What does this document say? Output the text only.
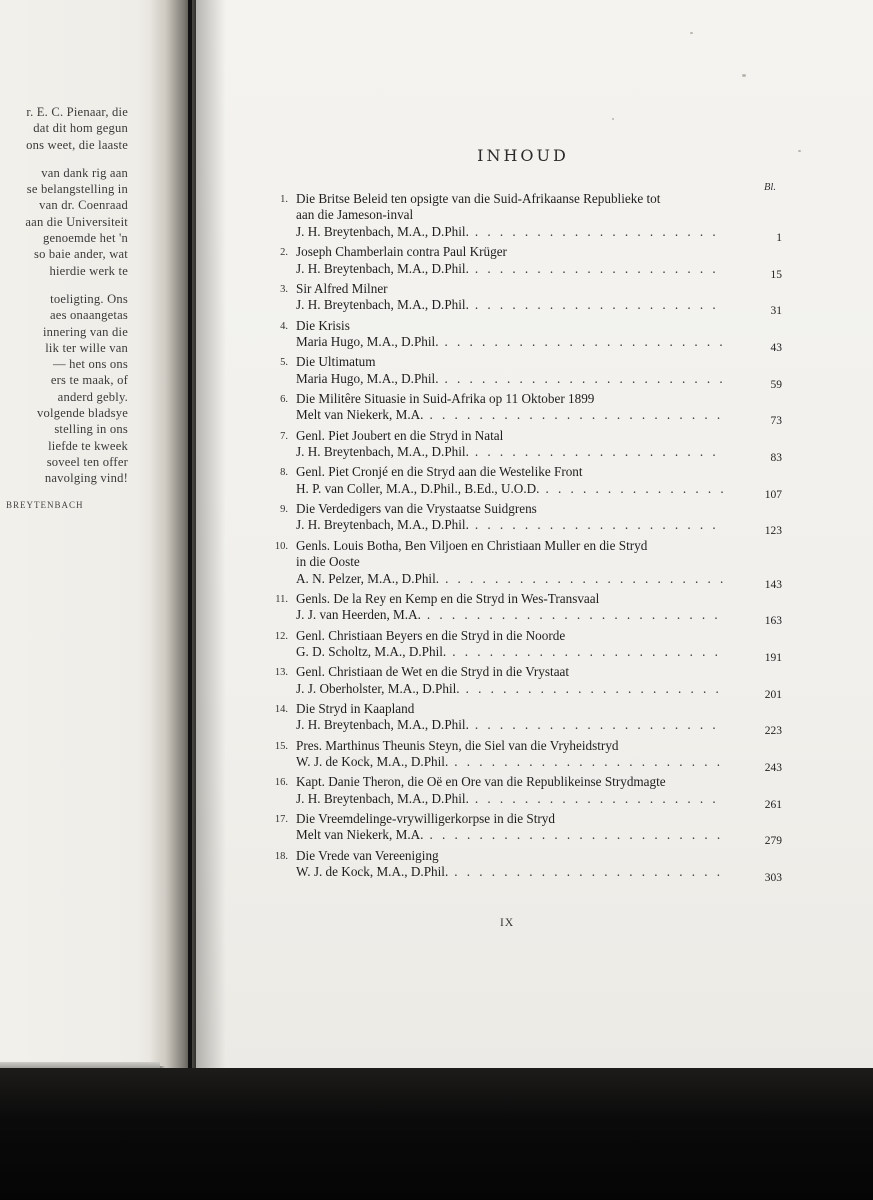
r. E. C. Pienaar, die
dat dit hom gegun
ons weet, die laaste
van dank rig aan
se belangstelling in
van dr. Coenraad
aan die Universiteit
genoemde het 'n
so baie ander, wat
hierdie werk te
toeligting. Ons
aes onaangetas
innering van die
lik ter wille van
— het ons ons
ers te maak, of
anderd gebly.
volgende bladsye
stelling in ons
liefde te kweek
soveel ten offer
navolging vind!
BREYTENBACH
INHOUD
Bl.
1. Die Britse Beleid ten opsigte van die Suid-Afrikaanse Republieke tot
aan die Jameson-inval
J. H. Breytenbach, M.A., D.Phil. ....................	1
2. Joseph Chamberlain contra Paul Krüger
J. H. Breytenbach, M.A., D.Phil. ....................	15
3. Sir Alfred Milner
J. H. Breytenbach, M.A., D.Phil. ....................	31
4. Die Krisis
Maria Hugo, M.A., D.Phil. .......................	43
5. Die Ultimatum
Maria Hugo, M.A., D.Phil. .......................	59
6. Die Militêre Situasie in Suid-Afrika op 11 Oktober 1899
Melt van Niekerk, M.A. ........................	73
7. Genl. Piet Joubert en die Stryd in Natal
J. H. Breytenbach, M.A., D.Phil. ....................	83
8. Genl. Piet Cronjé en die Stryd aan die Westelike Front
H. P. van Coller, M.A., D.Phil., B.Ed., U.O.D. ...............	107
9. Die Verdedigers van die Vrystaatse Suidgrens
J. H. Breytenbach, M.A., D.Phil. ....................	123
10. Genls. Louis Botha, Ben Viljoen en Christiaan Muller en die Stryd
in die Ooste
A. N. Pelzer, M.A., D.Phil. .......................	143
11. Genls. De la Rey en Kemp en die Stryd in Wes-Transvaal
J. J. van Heerden, M.A. ........................	163
12. Genl. Christiaan Beyers en die Stryd in die Noorde
G. D. Scholtz, M.A., D.Phil. ......................	191
13. Genl. Christiaan de Wet en die Stryd in die Vrystaat
J. J. Oberholster, M.A., D.Phil. .....................	201
14. Die Stryd in Kaapland
J. H. Breytenbach, M.A., D.Phil. ....................	223
15. Pres. Marthinus Theunis Steyn, die Siel van die Vryheidstryd
W. J. de Kock, M.A., D.Phil. ......................	243
16. Kapt. Danie Theron, die Oë en Ore van die Republikeinse Strydmagte
J. H. Breytenbach, M.A., D.Phil. ....................	261
17. Die Vreemdelinge-vrywilligerkorpse in die Stryd
Melt van Niekerk, M.A. ........................	279
18. Die Vrede van Vereeniging
W. J. de Kock, M.A., D.Phil. ......................	303
IX
